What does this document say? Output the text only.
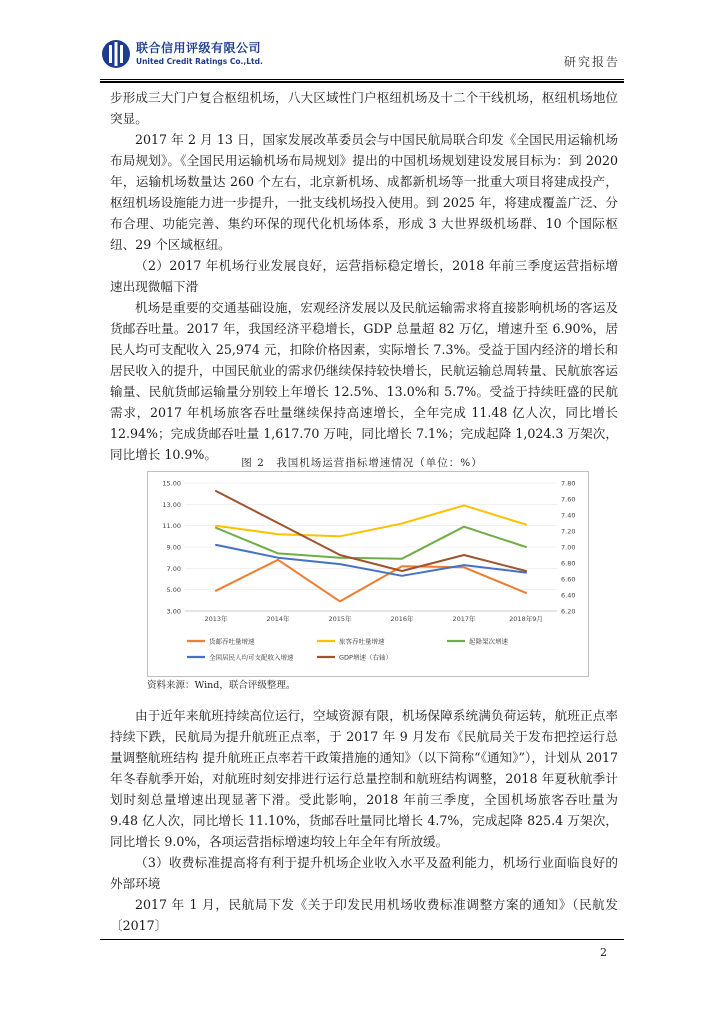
联合信用评级有限公司
United Credit Ratings Co.,Ltd.	研究报告

步形成三大门户复合枢纽机场，八大区域性门户枢纽机场及十二个干线机场，枢纽机场地位突显。

2017 年 2 月 13 日，国家发展改革委员会与中国民航局联合印发《全国民用运输机场布局规划》。《全国民用运输机场布局规划》提出的中国机场规划建设发展目标为：到 2020 年，运输机场数量达 260 个左右，北京新机场、成都新机场等一批重大项目将建成投产，枢纽机场设施能力进一步提升，一批支线机场投入使用。到 2025 年，将建成覆盖广泛、分布合理、功能完善、集约环保的现代化机场体系，形成 3 大世界级机场群、10 个国际枢纽、29 个区域枢纽。

（2）2017 年机场行业发展良好，运营指标稳定增长，2018 年前三季度运营指标增速出现微幅下滑

机场是重要的交通基础设施，宏观经济发展以及民航运输需求将直接影响机场的客运及货邮吞吐量。2017 年，我国经济平稳增长，GDP 总量超 82 万亿，增速升至 6.90%，居民人均可支配收入 25,974 元，扣除价格因素，实际增长 7.3%。受益于国内经济的增长和居民收入的提升，中国民航业的需求仍继续保持较快增长，民航运输总周转量、民航旅客运输量、民航货邮运输量分别较上年增长 12.5%、13.0%和 5.7%。受益于持续旺盛的民航需求，2017 年机场旅客吞吐量继续保持高速增长，全年完成 11.48 亿人次，同比增长 12.94%；完成货邮吞吐量 1,617.70 万吨，同比增长 7.1%；完成起降 1,024.3 万架次，同比增长 10.9%。

图 2　我国机场运营指标增速情况（单位：%）
15.00
13.00
11.00
9.00
7.00
5.00
3.00
7.80
7.60
7.40
7.20
7.00
6.80
6.60
6.40
6.20
2013年	2014年	2015年	2016年	2017年	2018年9月
货邮吞吐量增速	旅客吞吐量增速	起降架次增速
全国居民人均可支配收入增速	GDP增速（右轴）
资料来源：Wind，联合评级整理。

由于近年来航班持续高位运行，空域资源有限，机场保障系统满负荷运转，航班正点率持续下跌，民航局为提升航班正点率，于 2017 年 9 月发布《民航局关于发布把控运行总量调整航班结构 提升航班正点率若干政策措施的通知》（以下简称“《通知》”），计划从 2017 年冬春航季开始，对航班时刻安排进行运行总量控制和航班结构调整，2018 年夏秋航季计划时刻总量增速出现显著下滑。受此影响，2018 年前三季度，全国机场旅客吞吐量为 9.48 亿人次，同比增长 11.10%，货邮吞吐量同比增长 4.7%，完成起降 825.4 万架次，同比增长 9.0%，各项运营指标增速均较上年全年有所放缓。

（3）收费标准提高将有利于提升机场企业收入水平及盈利能力，机场行业面临良好的外部环境

2017 年 1 月，民航局下发《关于印发民用机场收费标准调整方案的通知》（民航发〔2017〕

2
